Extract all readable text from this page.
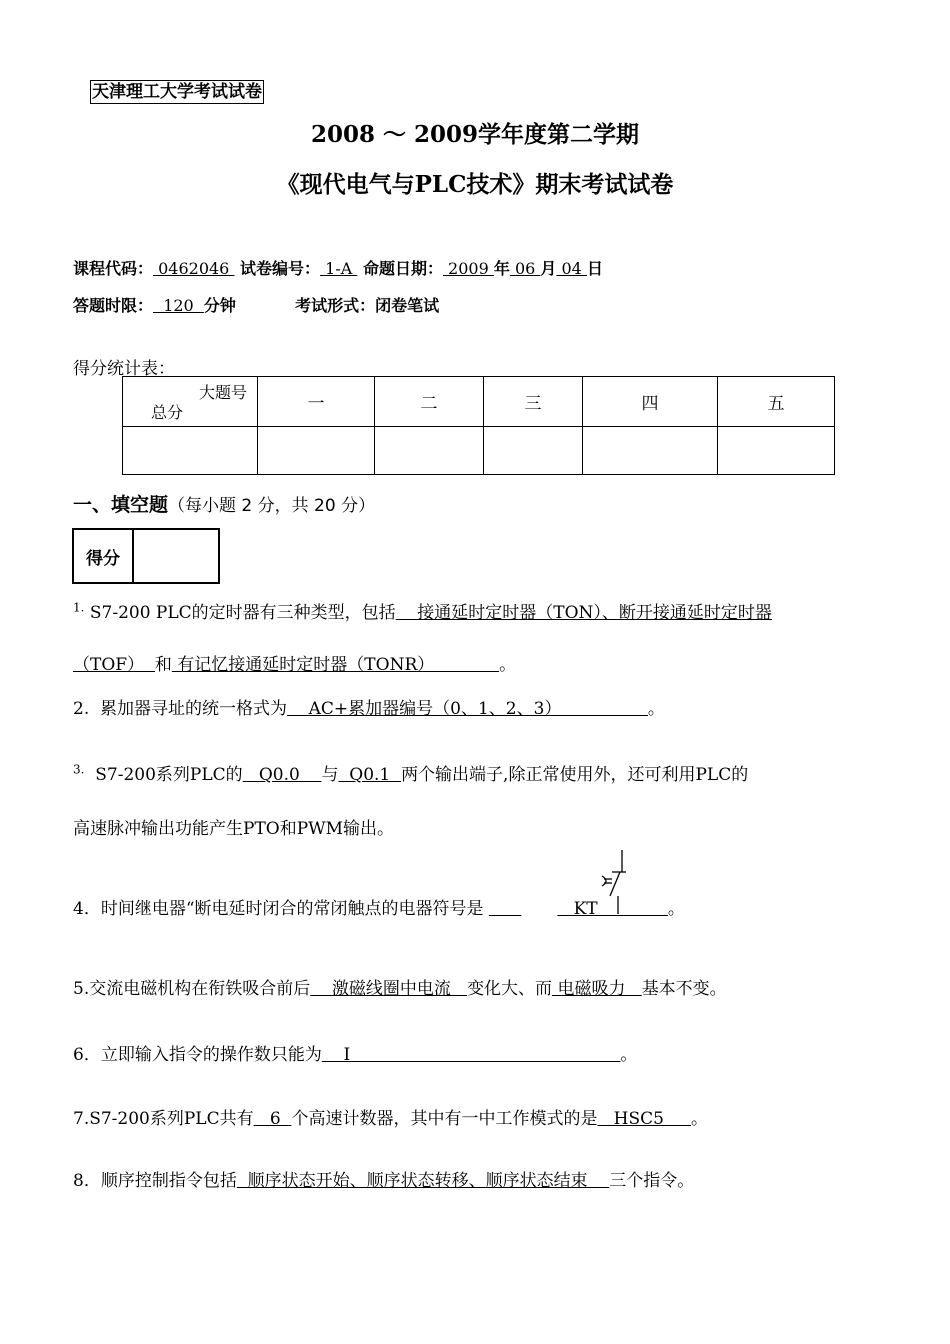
天津理工大学考试试卷
2008 ～ 2009学年度第二学期
《现代电气与PLC技术》期末考试试卷
课程代码： 0462046  试卷编号： 1-A  命题日期： 2009 年 06 月 04 日
答题时限：  120  分钟	考试形式：闭卷笔试
得分统计表：
大题号
总分	一	二	三	四	五

一、填空题（每小题 2 分，共 20 分）
得分	
$^{1.}$ S7-200 PLC的定时器有三种类型，包括    接通延时定时器（TON）、断开接通延时定时器
（TOF）  和 有记忆接通延时定时器（TONR）            。
2.  累加器寻址的统一格式为    AC+累加器编号（0、1、2、3）                。
$^{3.}$  S7-200系列PLC的   Q0.0    与  Q0.1  两个输出端子,除正常使用外，还可利用PLC的
高速脉冲输出功能产生PTO和PWM输出。
4．时间继电器“断电延时闭合的常闭触点的电器符号是	KT             。
5.交流电磁机构在衔铁吸合前后    激磁线圈中电流   变化大、而 电磁吸力   基本不变。
6．立即输入指令的操作数只能为    I                                                  。
7.S7-200系列PLC共有   6  个高速计数器，其中有一中工作模式的是   HSC5     。
8．顺序控制指令包括  顺序状态开始、顺序状态转移、顺序状态结束    三个指令。
